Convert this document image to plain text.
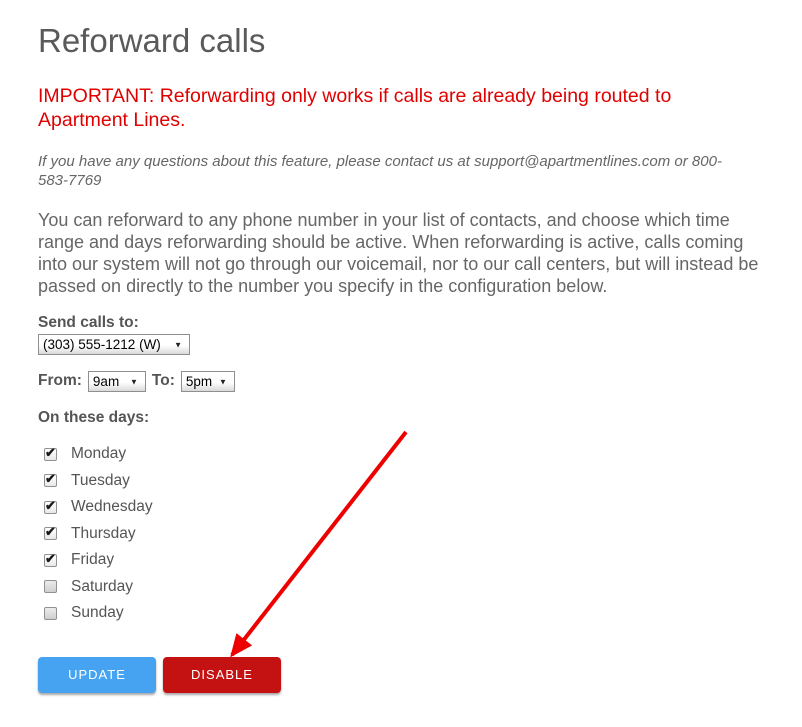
Reforward calls
IMPORTANT: Reforwarding only works if calls are already being routed to Apartment Lines.
If you have any questions about this feature, please contact us at support@apartmentlines.com or 800-583-7769
You can reforward to any phone number in your list of contacts, and choose which time range and days reforwarding should be active. When reforwarding is active, calls coming into our system will not go through our voicemail, nor to our call centers, but will instead be passed on directly to the number you specify in the configuration below.
Send calls to:
(303) 555-1212 (W) ▼
From:
9am ▼	To:
5pm ▼
On these days:
Monday
Tuesday
Wednesday
Thursday
Friday
Saturday
Sunday
UPDATE	DISABLE
